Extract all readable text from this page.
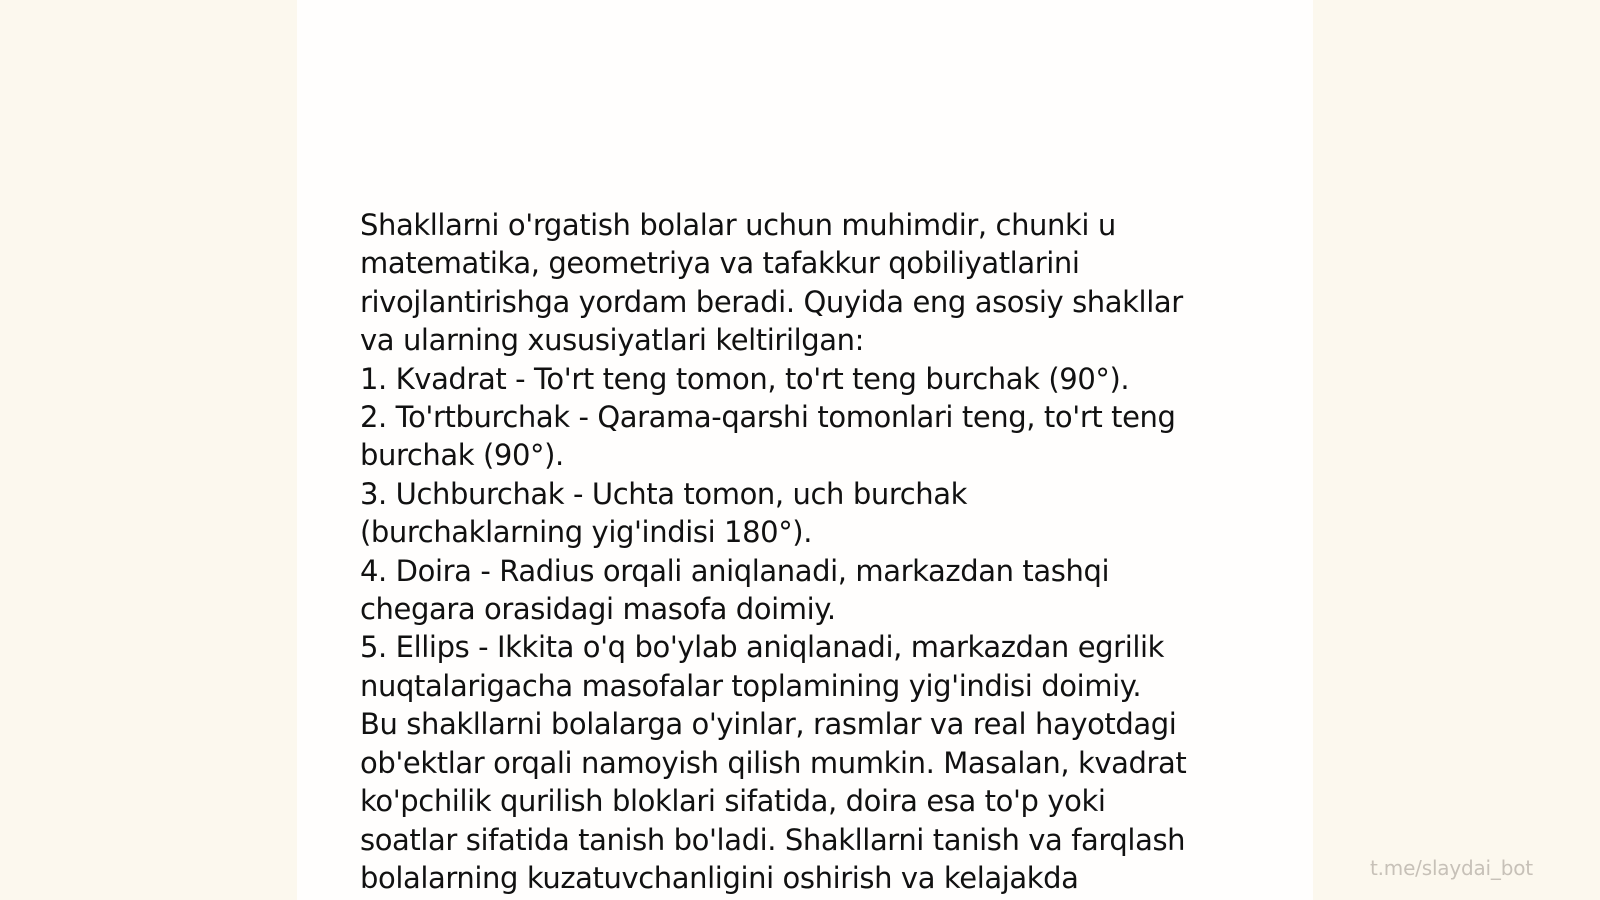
Shakllarni o'rgatish bolalar uchun muhimdir, chunki u
matematika, geometriya va tafakkur qobiliyatlarini
rivojlantirishga yordam beradi. Quyida eng asosiy shakllar
va ularning xususiyatlari keltirilgan:
1. Kvadrat - To'rt teng tomon, to'rt teng burchak (90°).
2. To'rtburchak - Qarama-qarshi tomonlari teng, to'rt teng
burchak (90°).
3. Uchburchak - Uchta tomon, uch burchak
(burchaklarning yig'indisi 180°).
4. Doira - Radius orqali aniqlanadi, markazdan tashqi
chegara orasidagi masofa doimiy.
5. Ellips - Ikkita o'q bo'ylab aniqlanadi, markazdan egrilik
nuqtalarigacha masofalar toplamining yig'indisi doimiy.
Bu shakllarni bolalarga o'yinlar, rasmlar va real hayotdagi
ob'ektlar orqali namoyish qilish mumkin. Masalan, kvadrat
ko'pchilik qurilish bloklari sifatida, doira esa to'p yoki
soatlar sifatida tanish bo'ladi. Shakllarni tanish va farqlash
bolalarning kuzatuvchanligini oshirish va kelajakda	t.me/slaydai_bot
